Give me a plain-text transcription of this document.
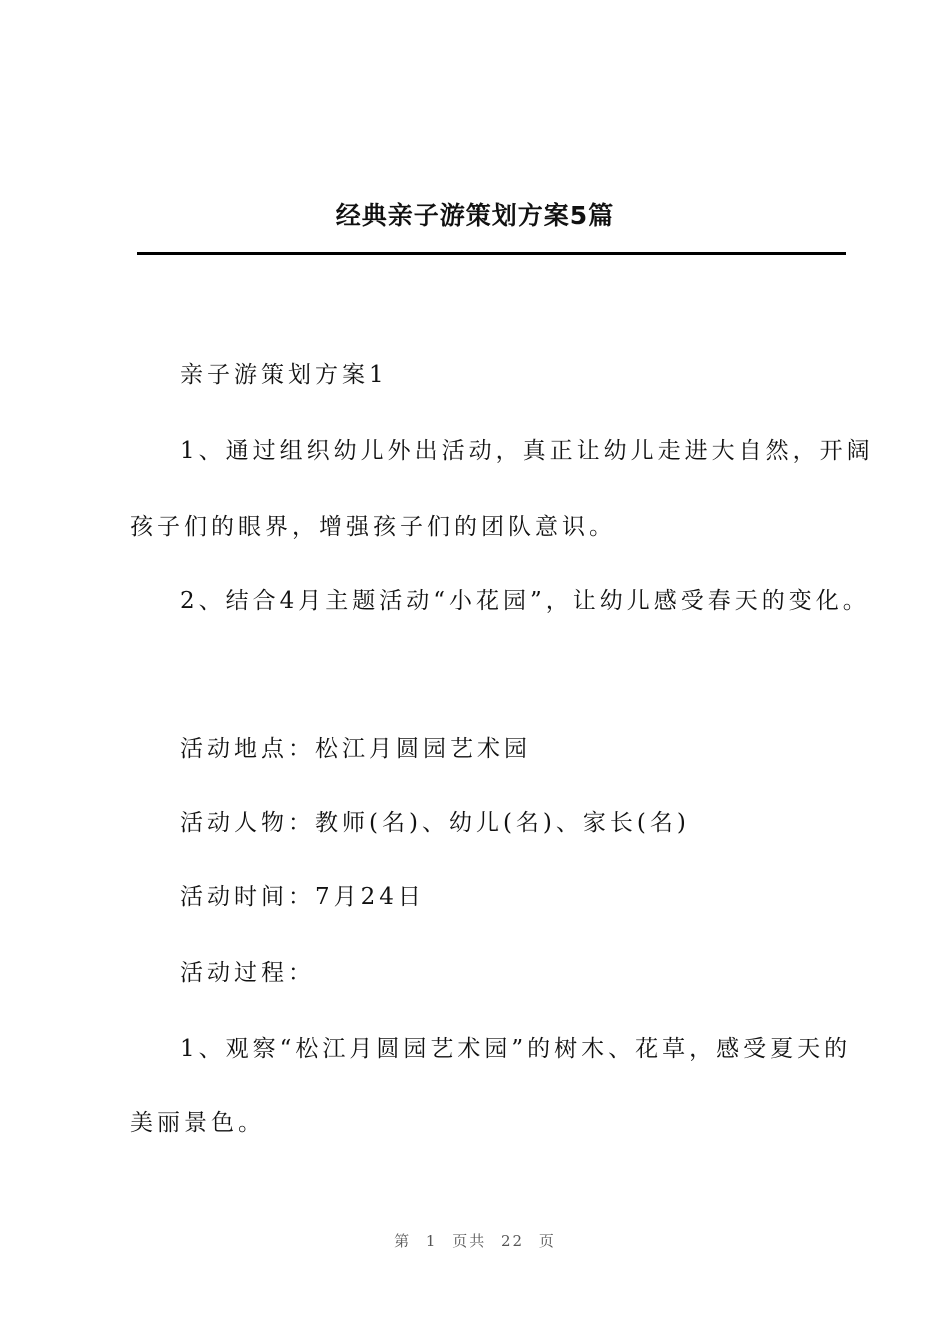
经典亲子游策划方案5篇
亲子游策划方案1
1、通过组织幼儿外出活动，真正让幼儿走进大自然，开阔
孩子们的眼界，增强孩子们的团队意识。
2、结合4月主题活动“小花园”，让幼儿感受春天的变化。
活动地点：松江月圆园艺术园
活动人物：教师(名)、幼儿(名)、家长(名)
活动时间：7月24日
活动过程：
1、观察“松江月圆园艺术园”的树木、花草，感受夏天的
美丽景色。
第 1 页共 22 页
